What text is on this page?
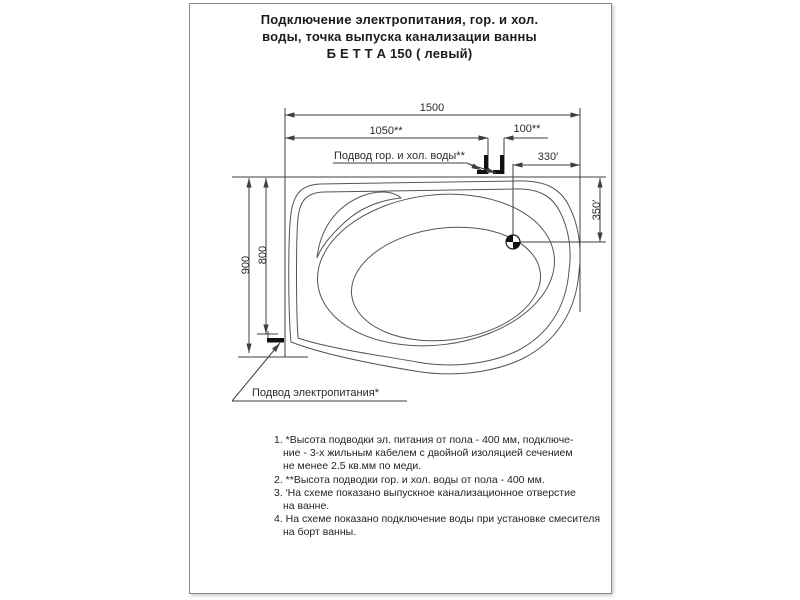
Подключение электропитания, гор. и хол.
воды, точка выпуска канализации ванны
Б Е Т Т А 150 ( левый)
1500
1050**	100**
330′
900
800
350′
Подвод гор. и хол. воды**
Подвод электропитания*
1. *Высота подводки эл. питания от пола - 400 мм, подключе-
ние - 3-х жильным кабелем с двойной изоляцией сечением
не менее 2.5 кв.мм по меди.
2. **Высота подводки гор. и хол. воды от пола - 400 мм.
3. ′На схеме показано выпускное канализационное отверстие
на ванне.
4. На схеме показано подключение воды при установке смесителя
на борт ванны.
